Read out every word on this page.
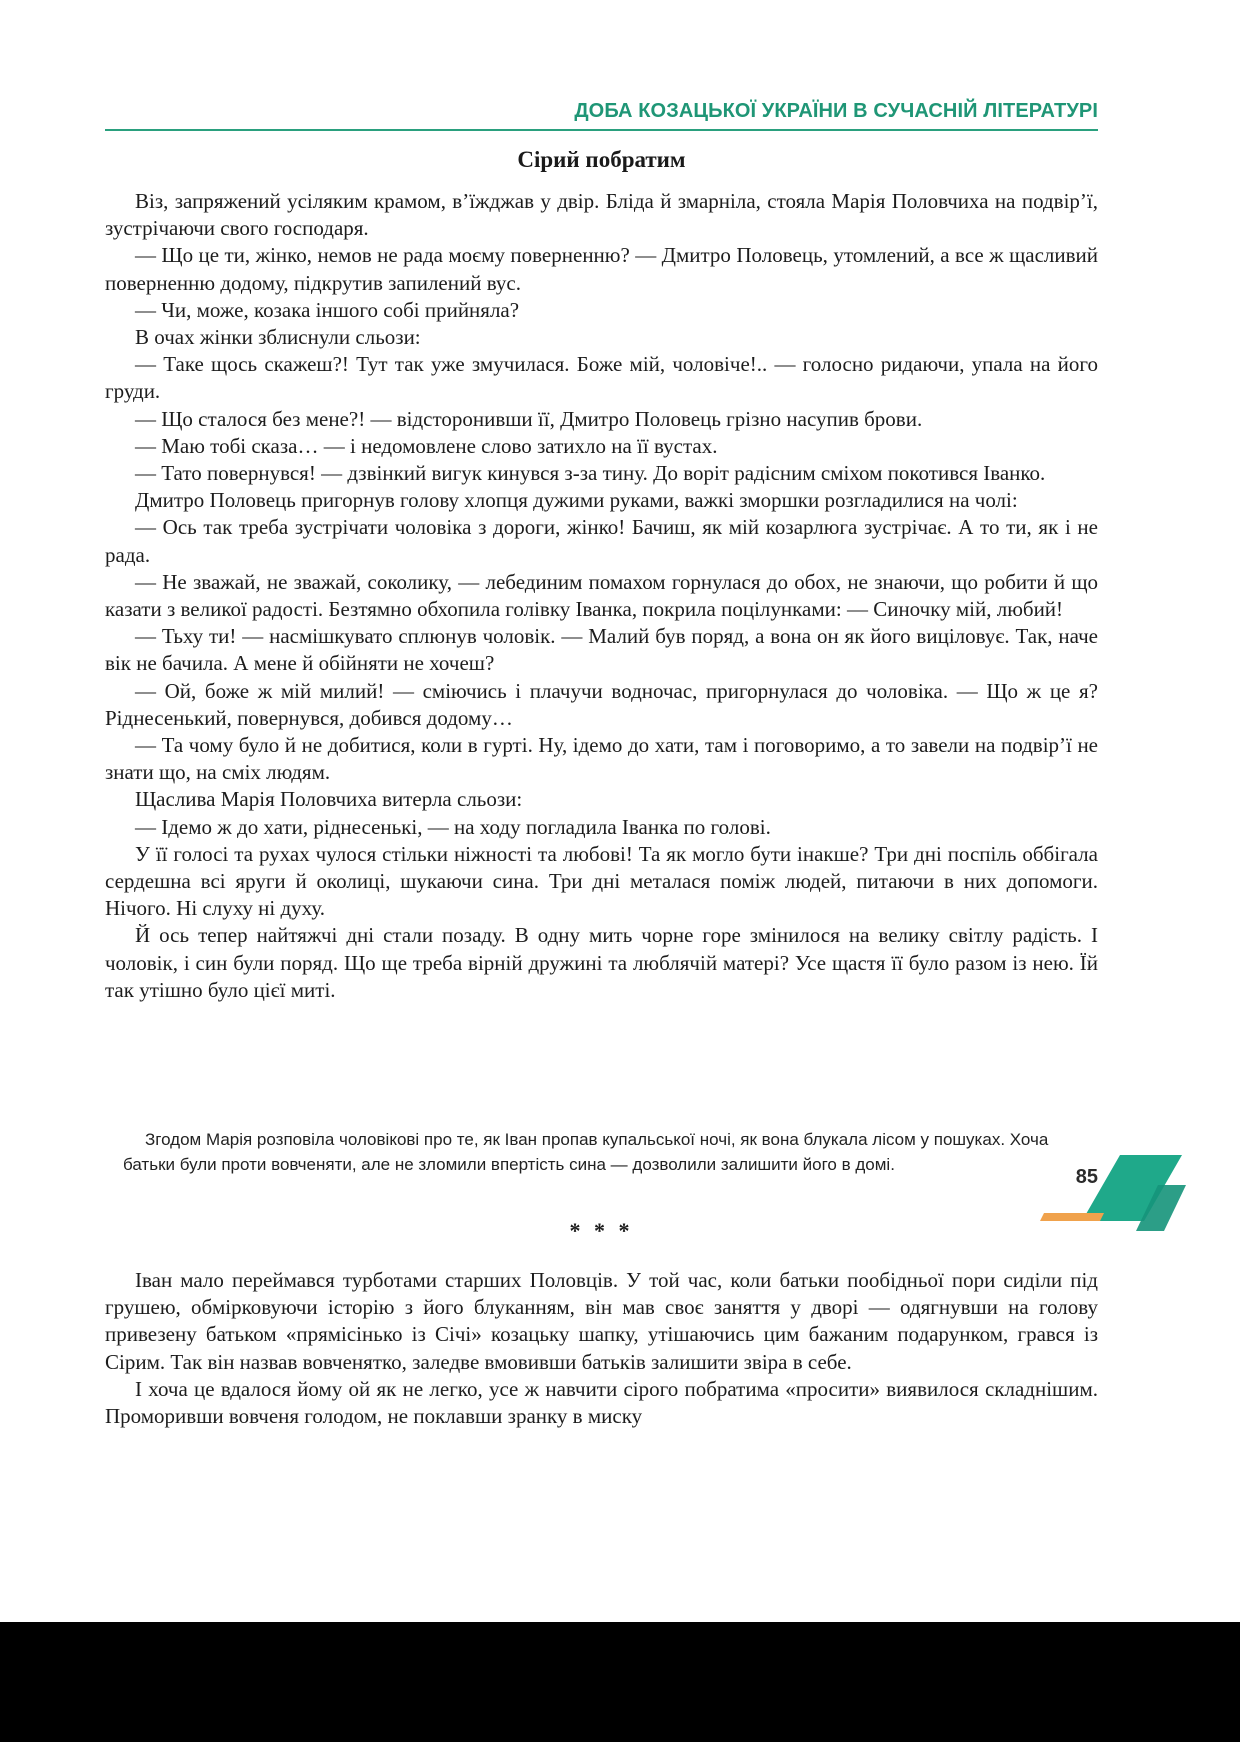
ДОБА КОЗАЦЬКОЇ УКРАЇНИ В СУЧАСНІЙ ЛІТЕРАТУРІ
Сірий побратим

Віз, запряжений усіляким крамом, в’їжджав у двір. Бліда й змарніла, стояла Марія Половчиха на подвір’ї, зустрічаючи свого господаря.

— Що це ти, жінко, немов не рада моєму поверненню? — Дмитро Половець, утомлений, а все ж щасливий поверненню додому, підкрутив запилений вус.

— Чи, може, козака іншого собі прийняла?

В очах жінки зблиснули сльози:

— Таке щось скажеш?! Тут так уже змучилася. Боже мій, чоловіче!.. — голосно ридаючи, упала на його груди.

— Що сталося без мене?! — відсторонивши її, Дмитро Половець грізно насупив брови.

— Маю тобі сказа… — і недомовлене слово затихло на її вустах.

— Тато повернувся! — дзвінкий вигук кинувся з-за тину. До воріт радісним сміхом покотився Іванко.

Дмитро Половець пригорнув голову хлопця дужими руками, важкі зморшки розгладилися на чолі:

— Ось так треба зустрічати чоловіка з дороги, жінко! Бачиш, як мій козарлюга зустрічає. А то ти, як і не рада.

— Не зважай, не зважай, соколику, — лебединим помахом горнулася до обох, не знаючи, що робити й що казати з великої радості. Безтямно обхопила голівку Іванка, покрила поцілунками: — Синочку мій, любий!

— Тьху ти! — насмішкувато сплюнув чоловік. — Малий був поряд, а вона он як його виціловує. Так, наче вік не бачила. А мене й обійняти не хочеш?

— Ой, боже ж мій милий! — сміючись і плачучи водночас, пригорнулася до чоловіка. — Що ж це я? Ріднесенький, повернувся, добився додому…

— Та чому було й не добитися, коли в гурті. Ну, ідемо до хати, там і поговоримо, а то завели на подвір’ї не знати що, на сміх людям.

Щаслива Марія Половчиха витерла сльози:

— Ідемо ж до хати, ріднесенькі, — на ходу погладила Іванка по голові.

У її голосі та рухах чулося стільки ніжності та любові! Та як могло бути інакше? Три дні поспіль оббігала сердешна всі яруги й околиці, шукаючи сина. Три дні металася поміж людей, питаючи в них допомоги. Нічого. Ні слуху ні духу.

Й ось тепер найтяжчі дні стали позаду. В одну мить чорне горе змінилося на велику світлу радість. І чоловік, і син були поряд. Що ще треба вірній дружині та люблячій матері? Усе щастя її було разом із нею. Їй так утішно було цієї миті.

Згодом Марія розповіла чоловікові про те, як Іван пропав купальської ночі, як вона блукала лісом у пошуках. Хоча батьки були проти вовченяти, але не зломили впертість сина — дозволили залишити його в домі.

* * *

Іван мало переймався турботами старших Половців. У той час, коли батьки пообідньої пори сиділи під грушею, обмірковуючи історію з його блуканням, він мав своє заняття у дворі — одягнувши на голову привезену батьком «прямісінько із Січі» козацьку шапку, утішаючись цим бажаним подарунком, грався із Сірим. Так він назвав вовченятко, заледве вмовивши батьків залишити звіра в себе.

І хоча це вдалося йому ой як не легко, усе ж навчити сірого побратима «просити» виявилося складнішим. Проморивши вовченя голодом, не поклавши зранку в миску

85
